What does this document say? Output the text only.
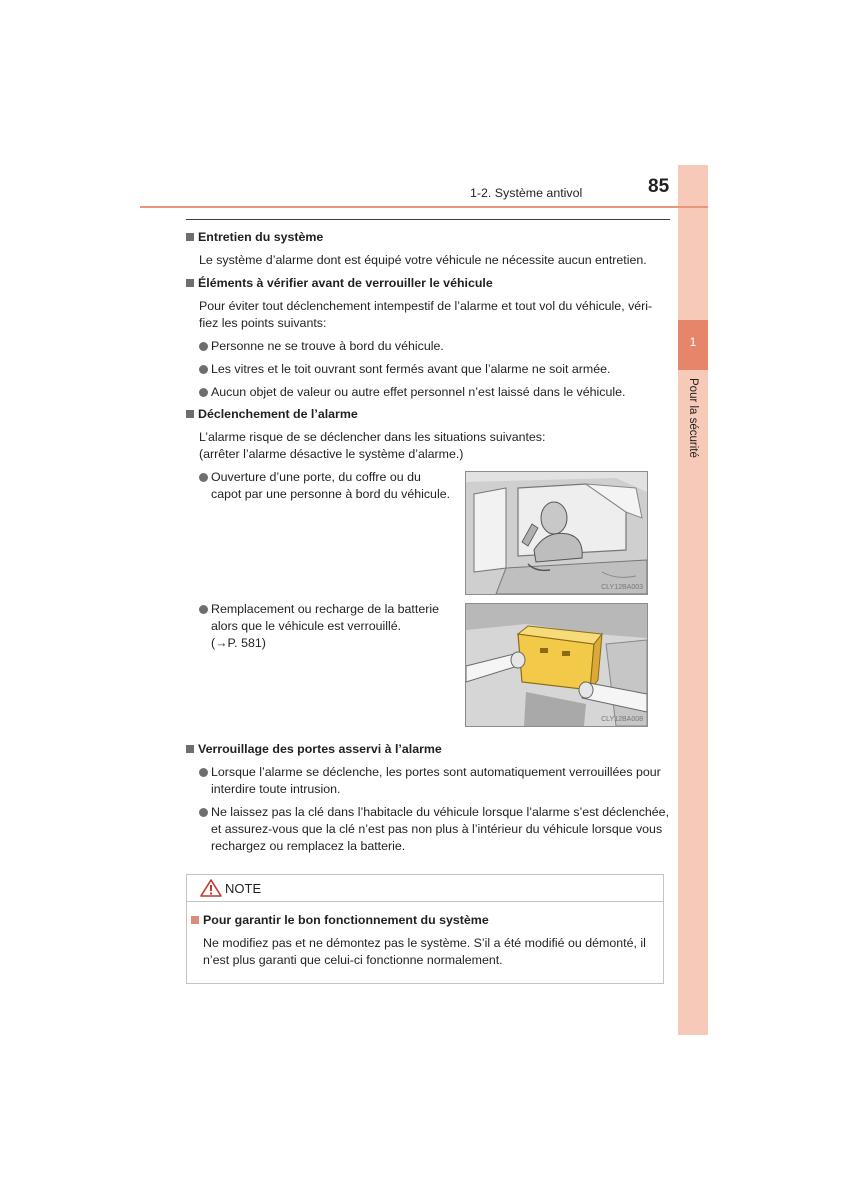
1
Pour la sécurité
1-2. Système antivol	85
Entretien du système
Le système d’alarme dont est équipé votre véhicule ne nécessite aucun entretien.
Éléments à vérifier avant de verrouiller le véhicule
Pour éviter tout déclenchement intempestif de l’alarme et tout vol du véhicule, véri-
fiez les points suivants:
Personne ne se trouve à bord du véhicule.
Les vitres et le toit ouvrant sont fermés avant que l’alarme ne soit armée.
Aucun objet de valeur ou autre effet personnel n’est laissé dans le véhicule.
Déclenchement de l’alarme
L’alarme risque de se déclencher dans les situations suivantes:
(arrêter l’alarme désactive le système d’alarme.)
Ouverture d’une porte, du coffre ou du
capot par une personne à bord du véhicule.
CLY12BA003
Remplacement ou recharge de la batterie
alors que le véhicule est verrouillé.
(→P. 581)
CLY12BA008
Verrouillage des portes asservi à l’alarme
Lorsque l’alarme se déclenche, les portes sont automatiquement verrouillées pour
interdire toute intrusion.
Ne laissez pas la clé dans l’habitacle du véhicule lorsque l’alarme s’est déclenchée,
et assurez-vous que la clé n’est pas non plus à l’intérieur du véhicule lorsque vous
rechargez ou remplacez la batterie.
NOTE
Pour garantir le bon fonctionnement du système
Ne modifiez pas et ne démontez pas le système. S’il a été modifié ou démonté, il
n’est plus garanti que celui-ci fonctionne normalement.
